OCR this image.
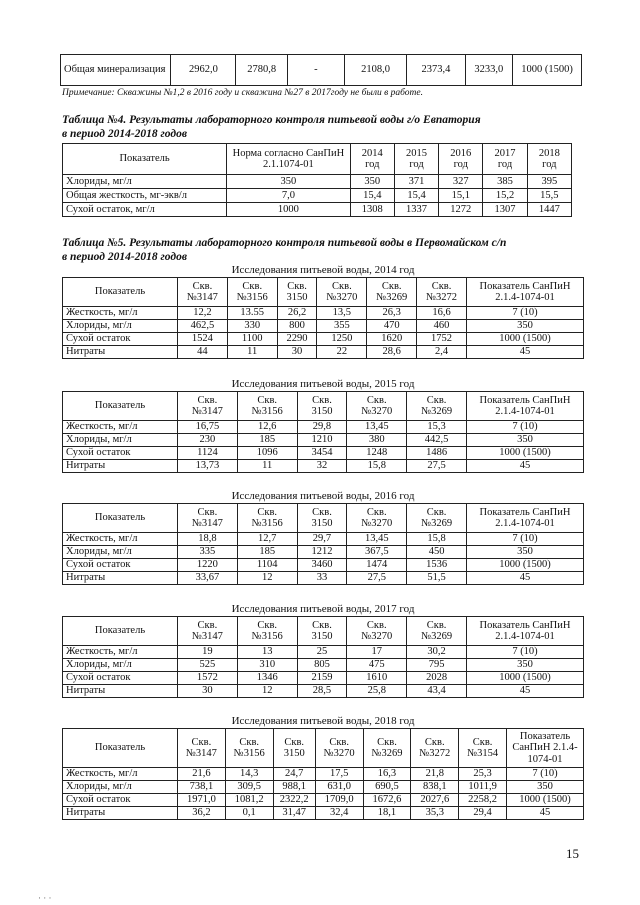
Общая минерализация	2962,0	2780,8	-	2108,0	2373,4	3233,0	1000 (1500)
Примечание: Скважины №1,2 в 2016 году и скважина №27 в 2017году не были в работе.
Таблица №4. Результаты лабораторного контроля питьевой воды г/о Евпатория
в период 2014-2018 годов
Показатель	Норма согласно СанПиН 2.1.1074-01	2014 год	2015 год	2016 год	2017 год	2018 год
Хлориды, мг/л	350	350	371	327	385	395
Общая жесткость, мг-экв/л	7,0	15,4	15,4	15,1	15,2	15,5
Сухой остаток, мг/л	1000	1308	1337	1272	1307	1447
Таблица №5. Результаты лабораторного контроля питьевой воды в Первомайском с/п
в период 2014-2018 годов
Исследования питьевой воды, 2014 год
Показатель	Скв. №3147	Скв. №3156	Скв. 3150	Скв. №3270	Скв. №3269	Скв. №3272	Показатель СанПиН 2.1.4-1074-01
Жесткость, мг/л	12,2	13.55	26,2	13,5	26,3	16,6	7 (10)
Хлориды, мг/л	462,5	330	800	355	470	460	350
Сухой остаток	1524	1100	2290	1250	1620	1752	1000 (1500)
Нитраты	44	11	30	22	28,6	2,4	45
Исследования питьевой воды, 2015 год
Показатель	Скв. №3147	Скв. №3156	Скв. 3150	Скв. №3270	Скв. №3269	Показатель СанПиН 2.1.4-1074-01
Жесткость, мг/л	16,75	12,6	29,8	13,45	15,3	7 (10)
Хлориды, мг/л	230	185	1210	380	442,5	350
Сухой остаток	1124	1096	3454	1248	1486	1000 (1500)
Нитраты	13,73	11	32	15,8	27,5	45
Исследования питьевой воды, 2016 год
Показатель	Скв. №3147	Скв. №3156	Скв. 3150	Скв. №3270	Скв. №3269	Показатель СанПиН 2.1.4-1074-01
Жесткость, мг/л	18,8	12,7	29,7	13,45	15,8	7 (10)
Хлориды, мг/л	335	185	1212	367,5	450	350
Сухой остаток	1220	1104	3460	1474	1536	1000 (1500)
Нитраты	33,67	12	33	27,5	51,5	45
Исследования питьевой воды, 2017 год
Показатель	Скв. №3147	Скв. №3156	Скв. 3150	Скв. №3270	Скв. №3269	Показатель СанПиН 2.1.4-1074-01
Жесткость, мг/л	19	13	25	17	30,2	7 (10)
Хлориды, мг/л	525	310	805	475	795	350
Сухой остаток	1572	1346	2159	1610	2028	1000 (1500)
Нитраты	30	12	28,5	25,8	43,4	45
Исследования питьевой воды, 2018 год
Показатель	Скв. №3147	Скв. №3156	Скв. 3150	Скв. №3270	Скв. №3269	Скв. №3272	Скв. №3154	Показатель СанПиН 2.1.4-1074-01
Жесткость, мг/л	21,6	14,3	24,7	17,5	16,3	21,8	25,3	7 (10)
Хлориды, мг/л	738,1	309,5	988,1	631,0	690,5	838,1	1011,9	350
Сухой остаток	1971,0	1081,2	2322,2	1709,0	1672,6	2027,6	2258,2	1000 (1500)
Нитраты	36,2	0,1	31,47	32,4	18,1	35,3	29,4	45
15
· · ·
